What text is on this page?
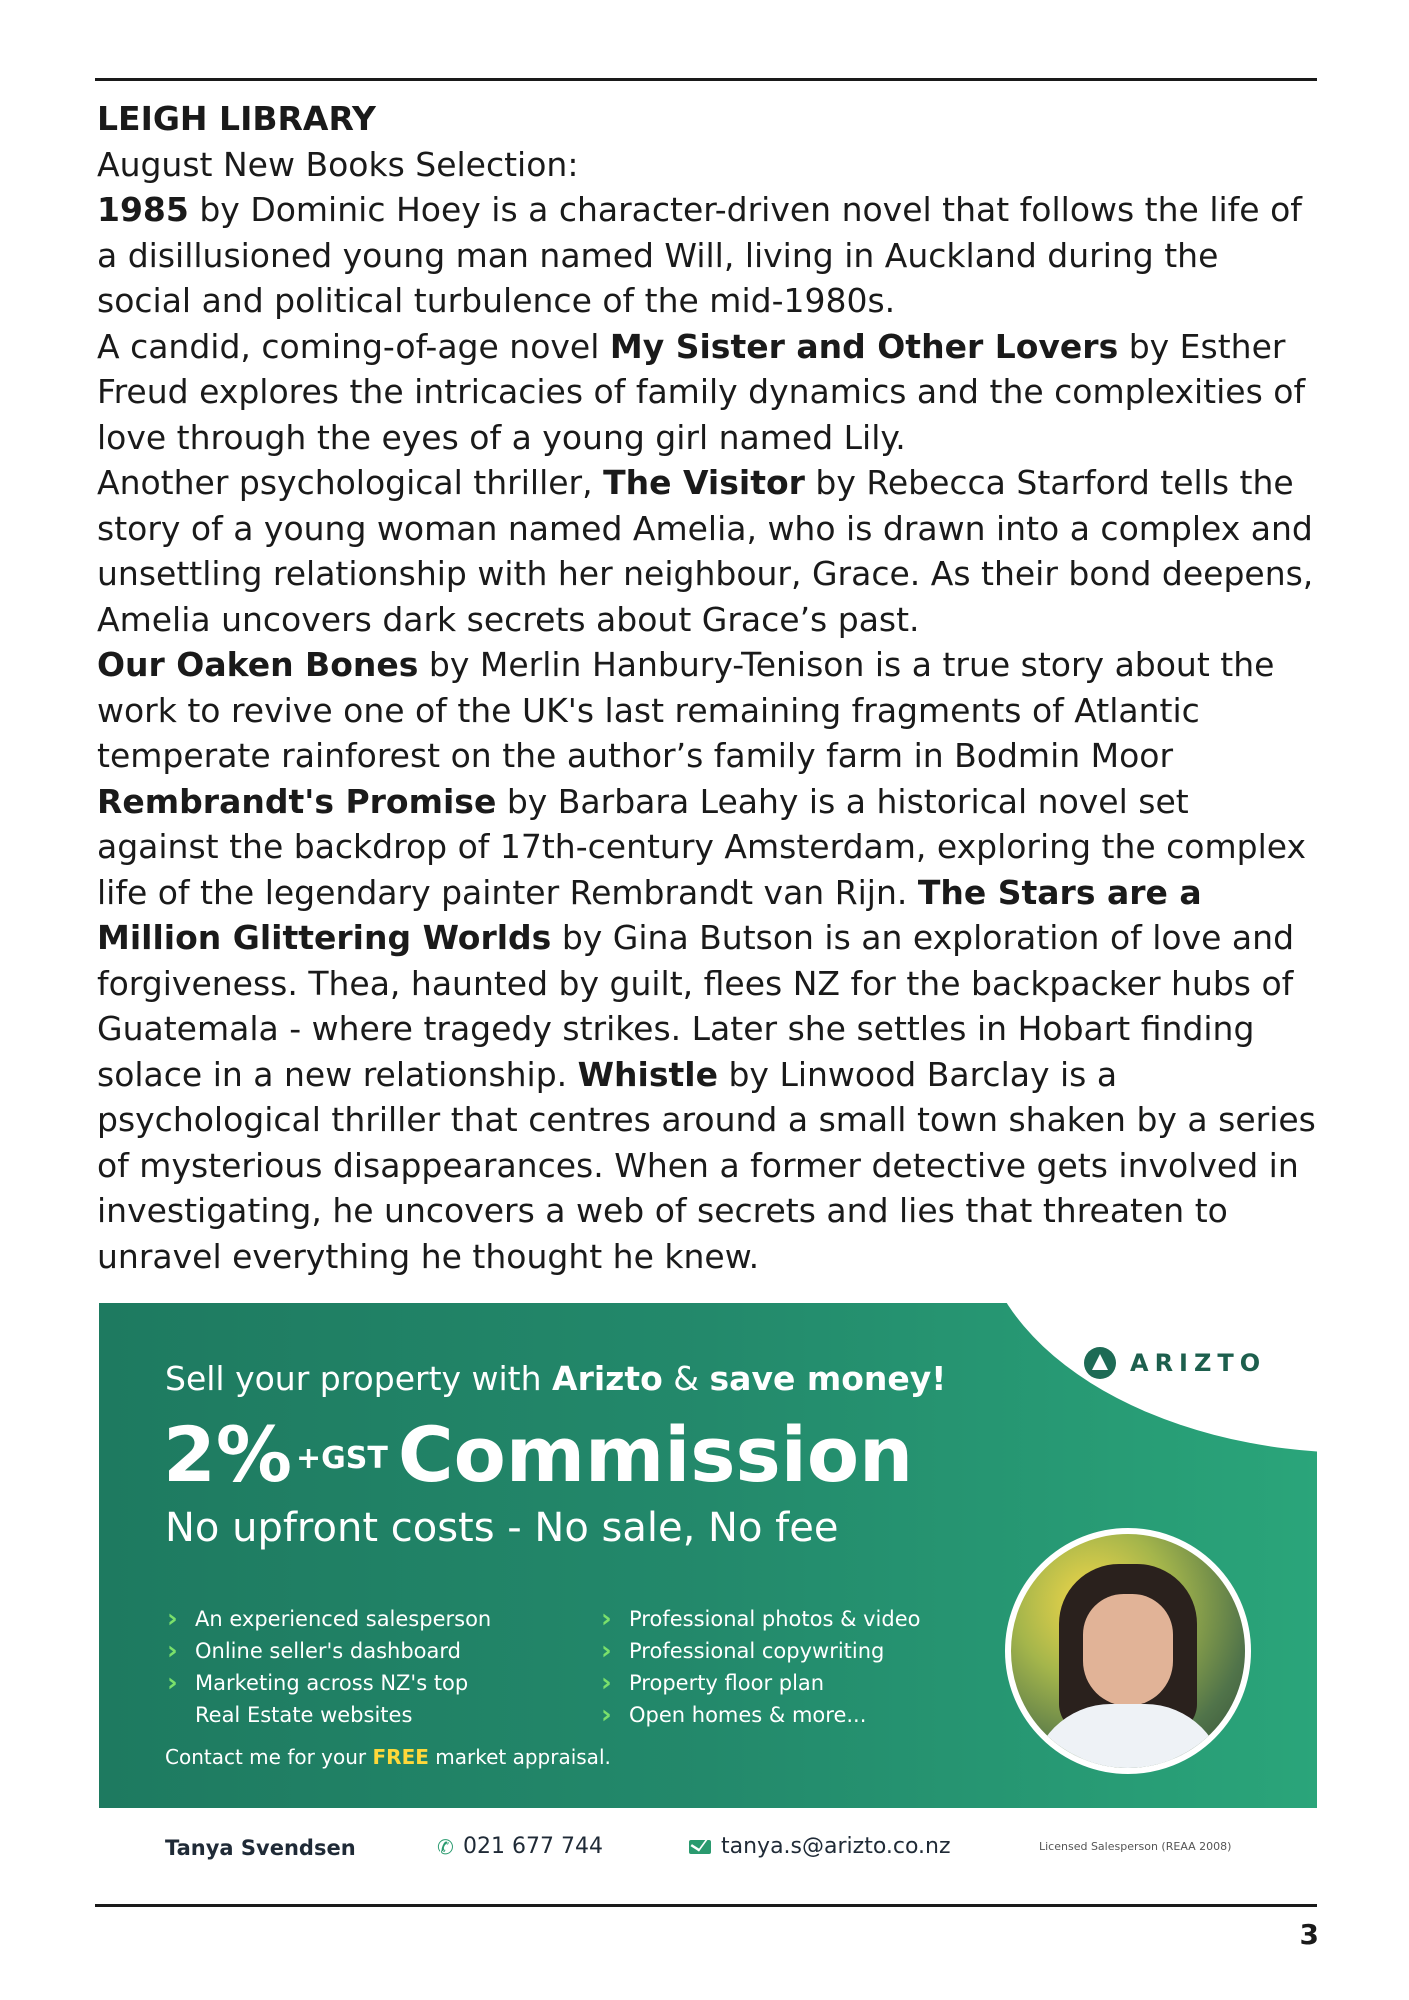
LEIGH LIBRARY

August New Books Selection:

1985 by Dominic Hoey is a character-driven novel that follows the life of a disillusioned young man named Will, living in Auckland during the social and political turbulence of the mid-1980s.

A candid, coming-of-age novel My Sister and Other Lovers by Esther Freud explores the intricacies of family dynamics and the complexities of love through the eyes of a young girl named Lily.

Another psychological thriller, The Visitor by Rebecca Starford tells the story of a young woman named Amelia, who is drawn into a complex and unsettling relationship with her neighbour, Grace. As their bond deepens, Amelia uncovers dark secrets about Grace’s past.

Our Oaken Bones by Merlin Hanbury-Tenison is a true story about the work to revive one of the UK's last remaining fragments of Atlantic temperate rainforest on the author’s family farm in Bodmin Moor

Rembrandt's Promise by Barbara Leahy is a historical novel set against the backdrop of 17th-century Amsterdam, exploring the complex life of the legendary painter Rembrandt van Rijn. The Stars are a Million Glittering Worlds by Gina Butson is an exploration of love and forgiveness. Thea, haunted by guilt, flees NZ for the backpacker hubs of Guatemala - where tragedy strikes. Later she settles in Hobart finding solace in a new relationship. Whistle by Linwood Barclay is a psychological thriller that centres around a small town shaken by a series of mysterious disappearances. When a former detective gets involved in investigating, he uncovers a web of secrets and lies that threaten to unravel everything he thought he knew.

ARIZTO
Sell your property with Arizto & save money!
2% $^{+GST}$ Commission
No upfront costs - No sale, No fee
› An experienced salesperson
› Online seller's dashboard
› Marketing across NZ's top
Real Estate websites
› Professional photos & video
› Professional copywriting
› Property floor plan
› Open homes & more...
Contact me for your FREE market appraisal.
Tanya Svendsen	✆ 021 677 744	tanya.s@arizto.co.nz	Licensed Salesperson (REAA 2008)
3
